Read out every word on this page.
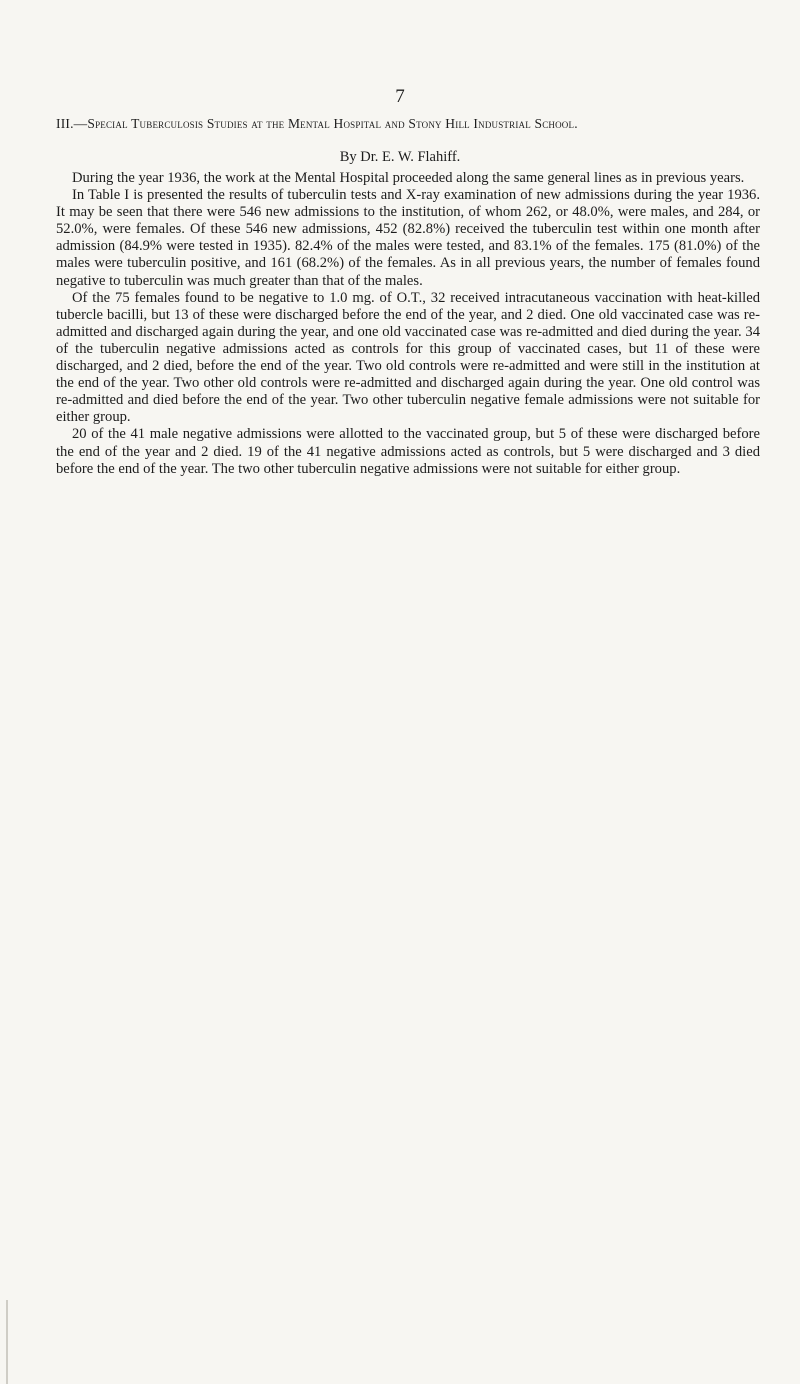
7
III.—Special Tuberculosis Studies at the Mental Hospital and Stony Hill Industrial School.
By Dr. E. W. Flahiff.

During the year 1936, the work at the Mental Hospital proceeded along the same general lines as in previous years.

In Table I is presented the results of tuberculin tests and X-ray examination of new admissions during the year 1936. It may be seen that there were 546 new admissions to the institution, of whom 262, or 48.0%, were males, and 284, or 52.0%, were females. Of these 546 new admissions, 452 (82.8%) received the tuberculin test within one month after admission (84.9% were tested in 1935). 82.4% of the males were tested, and 83.1% of the females. 175 (81.0%) of the males were tuberculin positive, and 161 (68.2%) of the females. As in all previous years, the number of females found negative to tuberculin was much greater than that of the males.

Of the 75 females found to be negative to 1.0 mg. of O.T., 32 received intracutaneous vaccination with heat-killed tubercle bacilli, but 13 of these were discharged before the end of the year, and 2 died. One old vaccinated case was re-admitted and discharged again during the year, and one old vaccinated case was re-admitted and died during the year. 34 of the tuberculin negative admissions acted as controls for this group of vaccinated cases, but 11 of these were discharged, and 2 died, before the end of the year. Two old controls were re-admitted and were still in the institution at the end of the year. Two other old controls were re-admitted and discharged again during the year. One old control was re-admitted and died before the end of the year. Two other tuberculin negative female admissions were not suitable for either group.

20 of the 41 male negative admissions were allotted to the vaccinated group, but 5 of these were discharged before the end of the year and 2 died. 19 of the 41 negative admissions acted as controls, but 5 were discharged and 3 died before the end of the year. The two other tuberculin negative admissions were not suitable for either group.
